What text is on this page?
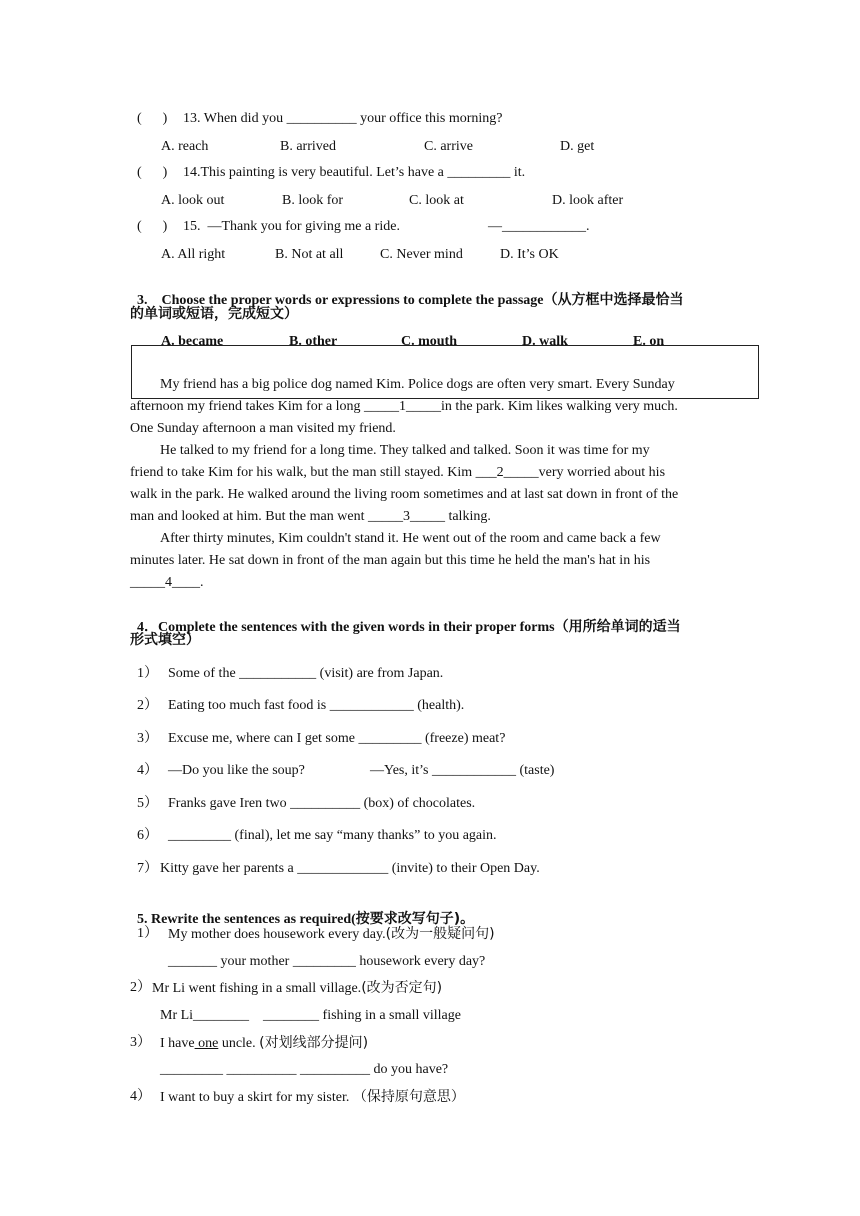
(      ) 13. When did you __________ your office this morning?
A. reach	B. arrived	C. arrive	D. get
(      ) 14.This painting is very beautiful. Let’s have a _________ it.
A. look out	B. look for	C. look at	D. look after
(      ) 15.  —Thank you for giving me a ride.	—____________.
A. All right	B. Not at all	C. Never mind	D. It’s OK

3.    Choose the proper words or expressions to complete the passage（从方框中选择最恰当

的单词或短语，完成短文）
A. became	B. other	C. mouth	D. walk	E. on
My friend has a big police dog named Kim. Police dogs are often very smart. Every Sunday
afternoon my friend takes Kim for a long _____1_____in the park. Kim likes walking very much.
One Sunday afternoon a man visited my friend.
He talked to my friend for a long time. They talked and talked. Soon it was time for my
friend to take Kim for his walk, but the man still stayed. Kim ___2_____very worried about his
walk in the park. He walked around the living room sometimes and at last sat down in front of the
man and looked at him. But the man went _____3_____ talking.
After thirty minutes, Kim couldn't stand it. He went out of the room and came back a few
minutes later. He sat down in front of the man again but this time he held the man's hat in his
_____4____.

4．Complete the sentences with the given words in their proper forms（用所给单词的适当

形式填空）
1） Some of the ___________ (visit) are from Japan.
2） Eating too much fast food is ____________ (health).
3） Excuse me, where can I get some _________ (freeze) meat?
4） —Do you like the soup?	—Yes, it’s ____________ (taste)
5） Franks gave Iren two __________ (box) of chocolates.
6） _________ (final), let me say “many thanks” to you again.
7） Kitty gave her parents a _____________ (invite) to their Open Day.

5. Rewrite the sentences as required(按要求改写句子)。

1） My mother does housework every day.(改为一般疑问句)
_______ your mother _________ housework every day?
2） Mr Li went fishing in a small village.(改为否定句)
Mr Li________    ________ fishing in a small village
3） I have one uncle. (对划线部分提问)
_________ __________ __________ do you have?
4） I want to buy a skirt for my sister. （保持原句意思）
